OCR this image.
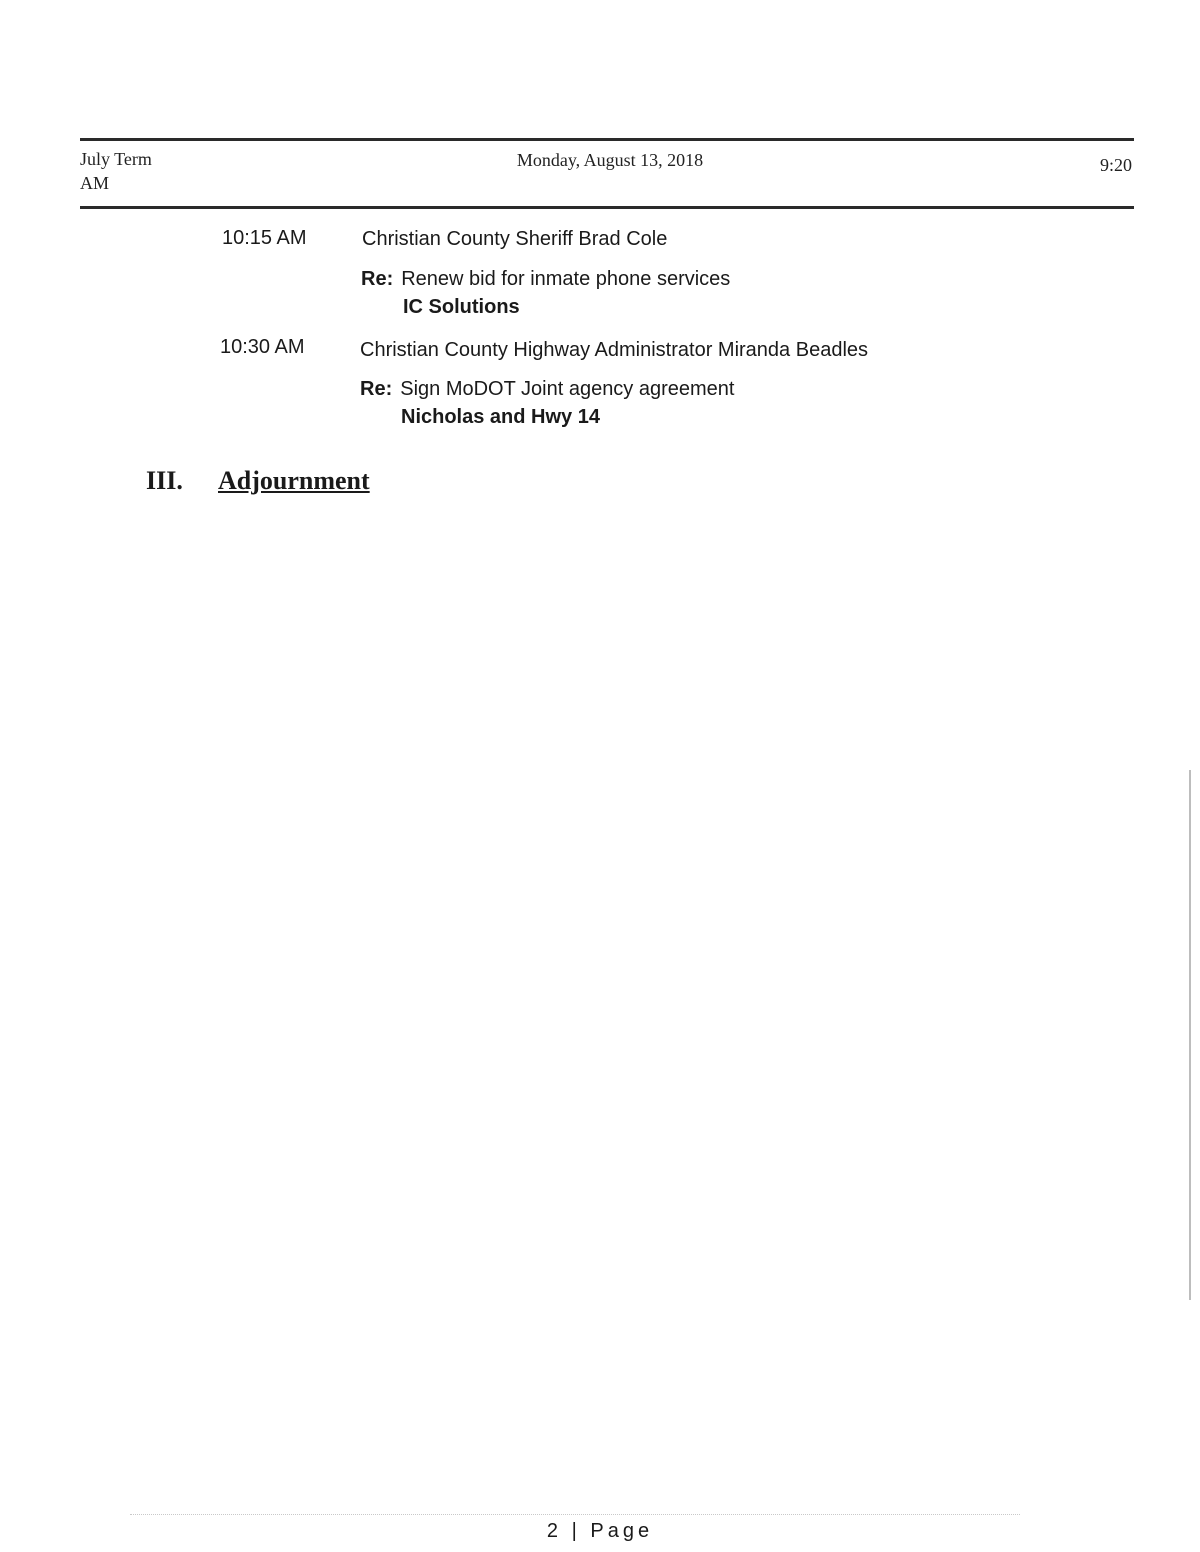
July Term
AM
Monday, August 13, 2018	9:20
10:15 AM	Christian County Sheriff Brad Cole
Re: Renew bid for inmate phone services
IC Solutions
10:30 AM	Christian County Highway Administrator Miranda Beadles
Re: Sign MoDOT Joint agency agreement
Nicholas and Hwy 14
III. Adjournment
2 | Page
